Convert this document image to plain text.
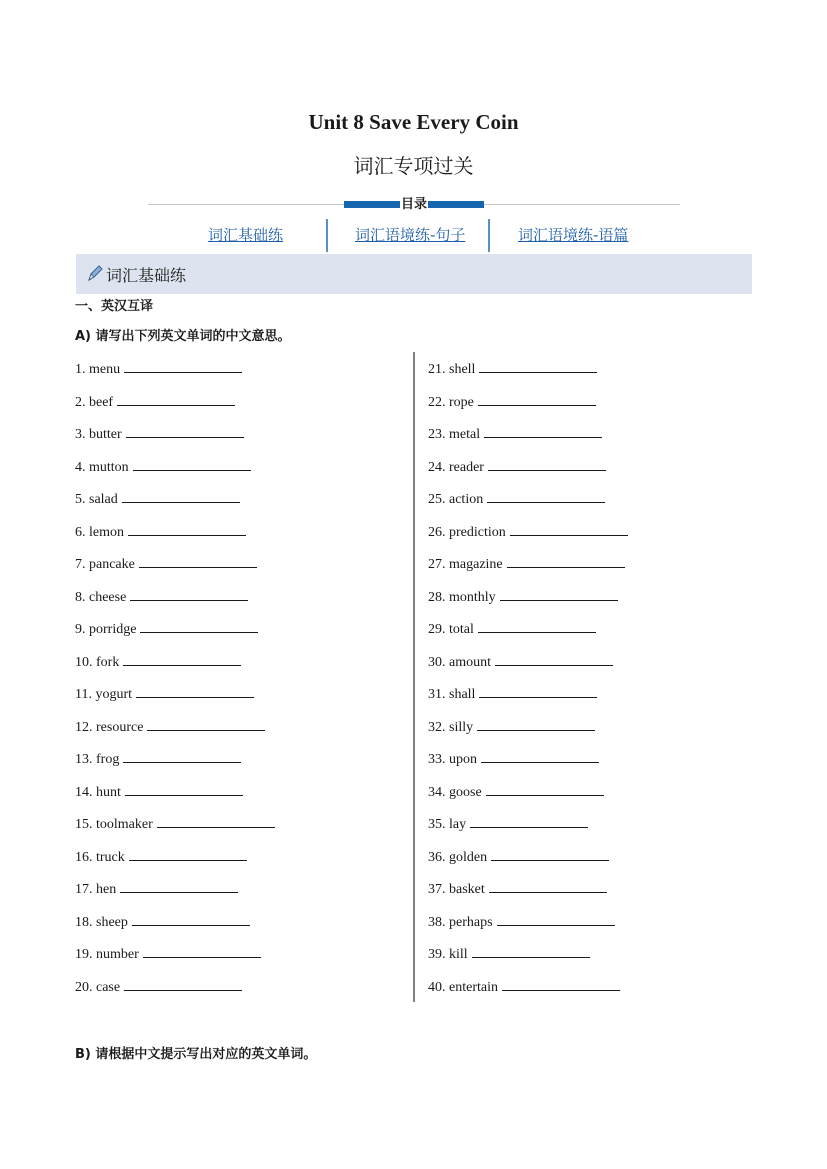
Unit 8 Save Every Coin
词汇专项过关
目录
词汇基础练	词汇语境练-句子	词汇语境练-语篇
词汇基础练
一、英汉互译
A) 请写出下列英文单词的中文意思。
1. menu
2. beef
3. butter
4. mutton
5. salad
6. lemon
7. pancake
8. cheese
9. porridge
10. fork
11. yogurt
12. resource
13. frog
14. hunt
15. toolmaker
16. truck
17. hen
18. sheep
19. number
20. case
21. shell
22. rope
23. metal
24. reader
25. action
26. prediction
27. magazine
28. monthly
29. total
30. amount
31. shall
32. silly
33. upon
34. goose
35. lay
36. golden
37. basket
38. perhaps
39. kill
40. entertain
B) 请根据中文提示写出对应的英文单词。
